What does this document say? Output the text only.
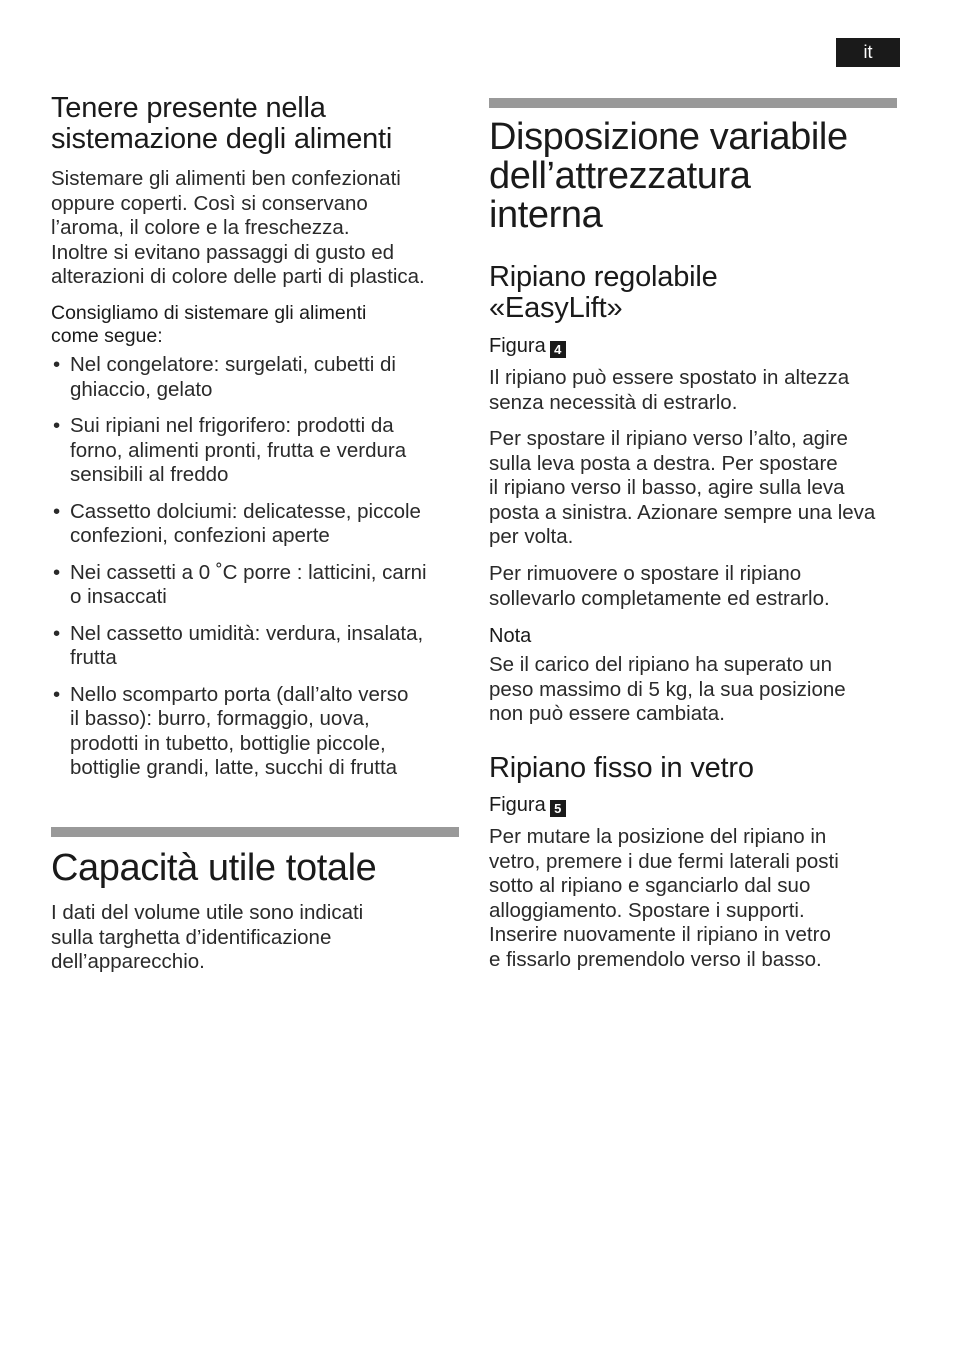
it
Tenere presente nella
sistemazione degli alimenti

Sistemare gli alimenti ben confezionati
oppure coperti. Così si conservano
l’aroma, il colore e la freschezza.
Inoltre si evitano passaggi di gusto ed
alterazioni di colore delle parti di plastica.

Consigliamo di sistemare gli alimenti
come segue:

• Nel congelatore: surgelati, cubetti di
ghiaccio, gelato
• Sui ripiani nel frigorifero: prodotti da
forno, alimenti pronti, frutta e verdura
sensibili al freddo
• Cassetto dolciumi: delicatesse, piccole
confezioni, confezioni aperte
• Nei cassetti a 0 ˚C porre : latticini, carni
o insaccati
• Nel cassetto umidità: verdura, insalata,
frutta
• Nello scomparto porta (dall’alto verso
il basso): burro, formaggio, uova,
prodotti in tubetto, bottiglie piccole,
bottiglie grandi, latte, succhi di frutta
Capacità utile totale

I dati del volume utile sono indicati
sulla targhetta d’identificazione
dell’apparecchio.

Disposizione variabile
dell’attrezzatura
interna
Ripiano regolabile
«EasyLift»

Figura 4

Il ripiano può essere spostato in altezza
senza necessità di estrarlo.

Per spostare il ripiano verso l’alto, agire
sulla leva posta a destra. Per spostare
il ripiano verso il basso, agire sulla leva
posta a sinistra. Azionare sempre una leva
per volta.

Per rimuovere o spostare il ripiano
sollevarlo completamente ed estrarlo.

Nota

Se il carico del ripiano ha superato un
peso massimo di 5 kg, la sua posizione
non può essere cambiata.

Ripiano fisso in vetro

Figura 5

Per mutare la posizione del ripiano in
vetro, premere i due fermi laterali posti
sotto al ripiano e sganciarlo dal suo
alloggiamento. Spostare i supporti.
Inserire nuovamente il ripiano in vetro
e fissarlo premendolo verso il basso.
